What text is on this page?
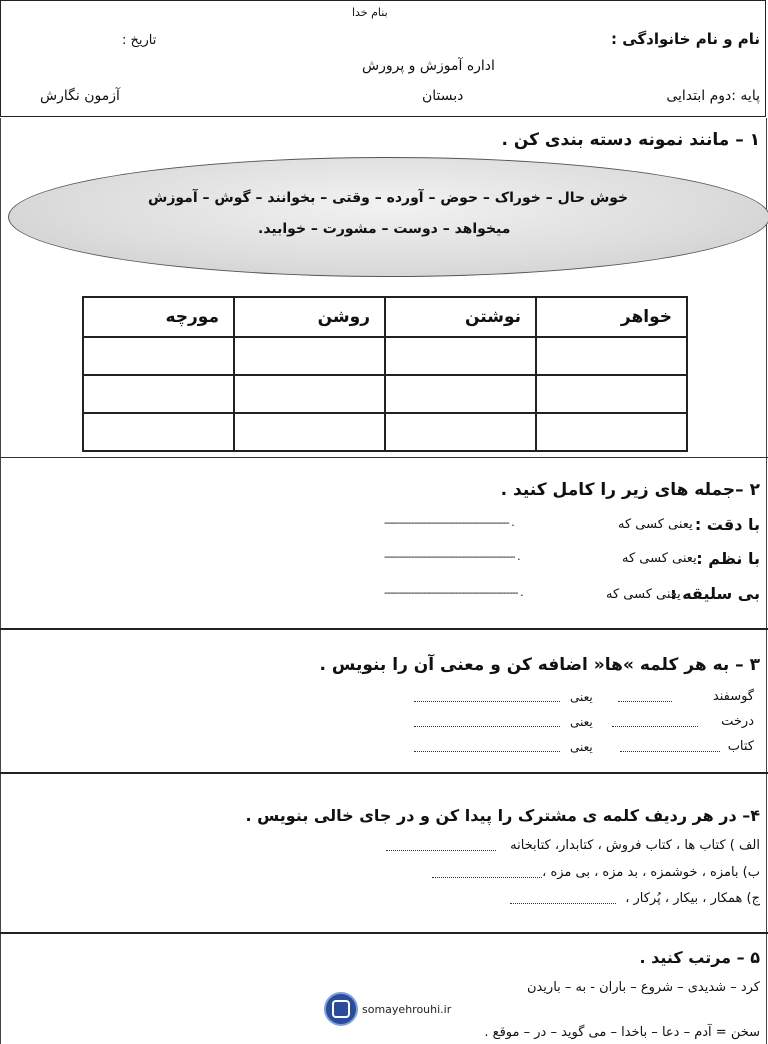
بنام خدا
نام و نام خانوادگی :
تاریخ :
اداره آموزش و پرورش
پایه :دوم ابتدایی
دبستان
آزمون نگارش
۱ – مانند نمونه دسته بندی کن .
خوش حال – خوراک – حوض – آورده – وقتی – بخوانند – گوش – آموزش
میخواهد – دوست – مشورت – خوابید.
مورچه	روشن	نوشتن	خواهر

۲ –جمله های زیر را کامل کنید .
با دقت :
یعنی کسی که
------------------------------------------ .
با نظم :
یعنی کسی که
-------------------------------------------- .
بی سلیقه :
یعنی کسی که
--------------------------------------------- .
۳ – به هر کلمه »ها« اضافه کن و معنی آن را بنویس .
گوسفند
یعنی
درخت
یعنی
کتاب
یعنی
۴– در هر ردیف کلمه ی مشترک را پیدا کن و در جای خالی بنویس .
الف ) کتاب ها ، کتاب فروش ، کتابدار، کتابخانه
ب) بامزه ، خوشمزه ، بد مزه ، بی مزه ،
ج) همکار ، بیکار ، پُرکار ،
۵ – مرتب کنید .
کرد – شدیدی – شروع – باران - به – باریدن
سخن = آدم – دعا – باخدا – می گوید – در – موقع .
somayehrouhi.ir
